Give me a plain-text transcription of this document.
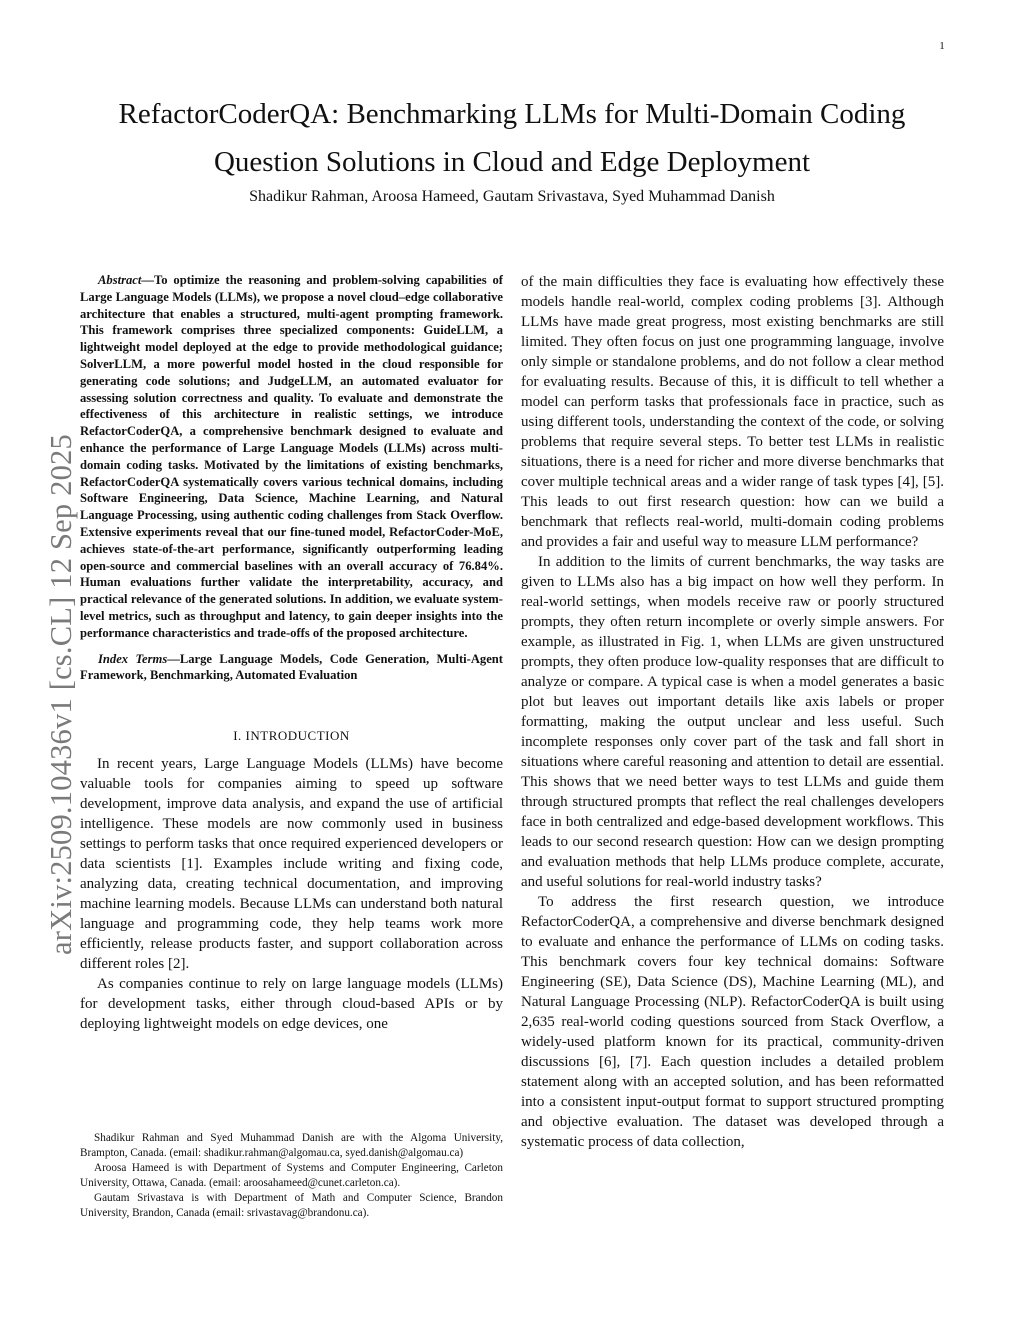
1
arXiv:2509.10436v1 [cs.CL] 12 Sep 2025
RefactorCoderQA: Benchmarking LLMs for Multi-Domain Coding Question Solutions in Cloud and Edge Deployment
Shadikur Rahman, Aroosa Hameed, Gautam Srivastava, Syed Muhammad Danish

Abstract—To optimize the reasoning and problem-solving capabilities of Large Language Models (LLMs), we propose a novel cloud–edge collaborative architecture that enables a structured, multi-agent prompting framework. This framework comprises three specialized components: GuideLLM, a lightweight model deployed at the edge to provide methodological guidance; SolverLLM, a more powerful model hosted in the cloud responsible for generating code solutions; and JudgeLLM, an automated evaluator for assessing solution correctness and quality. To evaluate and demonstrate the effectiveness of this architecture in realistic settings, we introduce RefactorCoderQA, a comprehensive benchmark designed to evaluate and enhance the performance of Large Language Models (LLMs) across multi-domain coding tasks. Motivated by the limitations of existing benchmarks, RefactorCoderQA systematically covers various technical domains, including Software Engineering, Data Science, Machine Learning, and Natural Language Processing, using authentic coding challenges from Stack Overflow. Extensive experiments reveal that our fine-tuned model, RefactorCoder-MoE, achieves state-of-the-art performance, significantly outperforming leading open-source and commercial baselines with an overall accuracy of 76.84%. Human evaluations further validate the interpretability, accuracy, and practical relevance of the generated solutions. In addition, we evaluate system-level metrics, such as throughput and latency, to gain deeper insights into the performance characteristics and trade-offs of the proposed architecture.

Index Terms—Large Language Models, Code Generation, Multi-Agent Framework, Benchmarking, Automated Evaluation

I. INTRODUCTION

In recent years, Large Language Models (LLMs) have become valuable tools for companies aiming to speed up software development, improve data analysis, and expand the use of artificial intelligence. These models are now commonly used in business settings to perform tasks that once required experienced developers or data scientists [1]. Examples include writing and fixing code, analyzing data, creating technical documentation, and improving machine learning models. Because LLMs can understand both natural language and programming code, they help teams work more efficiently, release products faster, and support collaboration across different roles [2].

As companies continue to rely on large language models (LLMs) for development tasks, either through cloud-based APIs or by deploying lightweight models on edge devices, one

of the main difficulties they face is evaluating how effectively these models handle real-world, complex coding problems [3]. Although LLMs have made great progress, most existing benchmarks are still limited. They often focus on just one programming language, involve only simple or standalone problems, and do not follow a clear method for evaluating results. Because of this, it is difficult to tell whether a model can perform tasks that professionals face in practice, such as using different tools, understanding the context of the code, or solving problems that require several steps. To better test LLMs in realistic situations, there is a need for richer and more diverse benchmarks that cover multiple technical areas and a wider range of task types [4], [5]. This leads to out first research question: how can we build a benchmark that reflects real-world, multi-domain coding problems and provides a fair and useful way to measure LLM performance?

In addition to the limits of current benchmarks, the way tasks are given to LLMs also has a big impact on how well they perform. In real-world settings, when models receive raw or poorly structured prompts, they often return incomplete or overly simple answers. For example, as illustrated in Fig. 1, when LLMs are given unstructured prompts, they often produce low-quality responses that are difficult to analyze or compare. A typical case is when a model generates a basic plot but leaves out important details like axis labels or proper formatting, making the output unclear and less useful. Such incomplete responses only cover part of the task and fall short in situations where careful reasoning and attention to detail are essential. This shows that we need better ways to test LLMs and guide them through structured prompts that reflect the real challenges developers face in both centralized and edge-based development workflows. This leads to our second research question: How can we design prompting and evaluation methods that help LLMs produce complete, accurate, and useful solutions for real-world industry tasks?

To address the first research question, we introduce RefactorCoderQA, a comprehensive and diverse benchmark designed to evaluate and enhance the performance of LLMs on coding tasks. This benchmark covers four key technical domains: Software Engineering (SE), Data Science (DS), Machine Learning (ML), and Natural Language Processing (NLP). RefactorCoderQA is built using 2,635 real-world coding questions sourced from Stack Overflow, a widely-used platform known for its practical, community-driven discussions [6], [7]. Each question includes a detailed problem statement along with an accepted solution, and has been reformatted into a consistent input-output format to support structured prompting and objective evaluation. The dataset was developed through a systematic process of data collection,

Shadikur Rahman and Syed Muhammad Danish are with the Algoma University, Brampton, Canada. (email: shadikur.rahman@algomau.ca, syed.danish@algomau.ca)

Aroosa Hameed is with Department of Systems and Computer Engineering, Carleton University, Ottawa, Canada. (email: aroosahameed@cunet.carleton.ca).

Gautam Srivastava is with Department of Math and Computer Science, Brandon University, Brandon, Canada (email: srivastavag@brandonu.ca).
